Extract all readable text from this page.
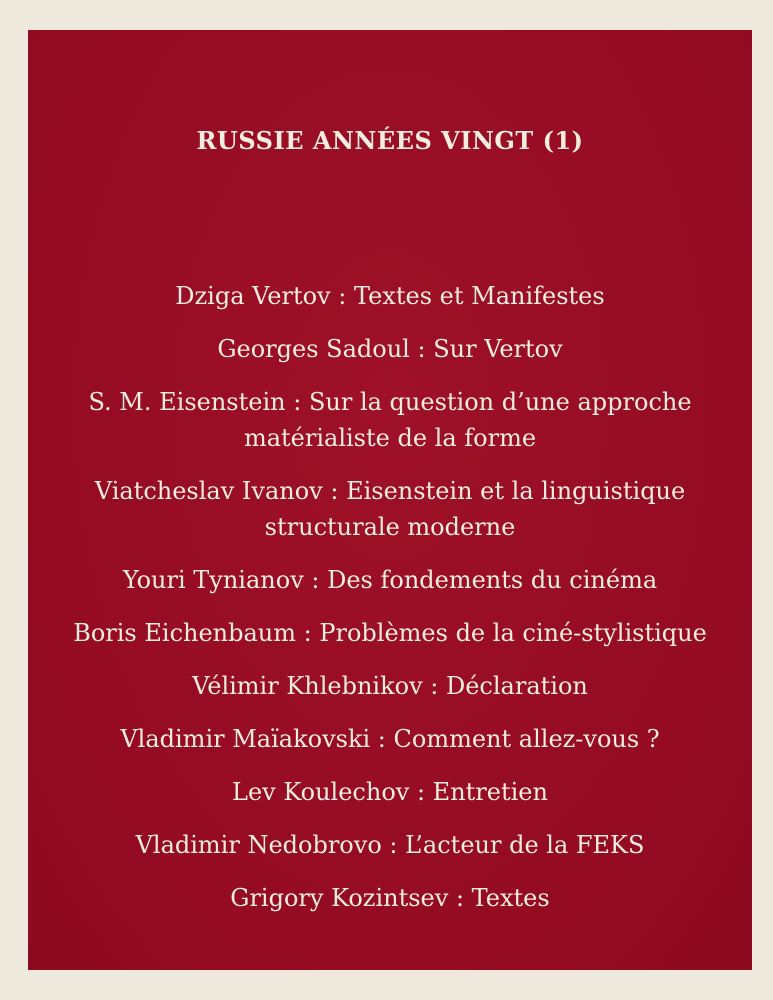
RUSSIE ANNÉES VINGT (1)
Dziga Vertov : Textes et Manifestes
Georges Sadoul : Sur Vertov
S. M. Eisenstein : Sur la question d’une approche
matérialiste de la forme
Viatcheslav Ivanov : Eisenstein et la linguistique
structurale moderne
Youri Tynianov : Des fondements du cinéma
Boris Eichenbaum : Problèmes de la ciné-stylistique
Vélimir Khlebnikov : Déclaration
Vladimir Maïakovski : Comment allez-vous ?
Lev Koulechov : Entretien
Vladimir Nedobrovo : L’acteur de la FEKS
Grigory Kozintsev : Textes
